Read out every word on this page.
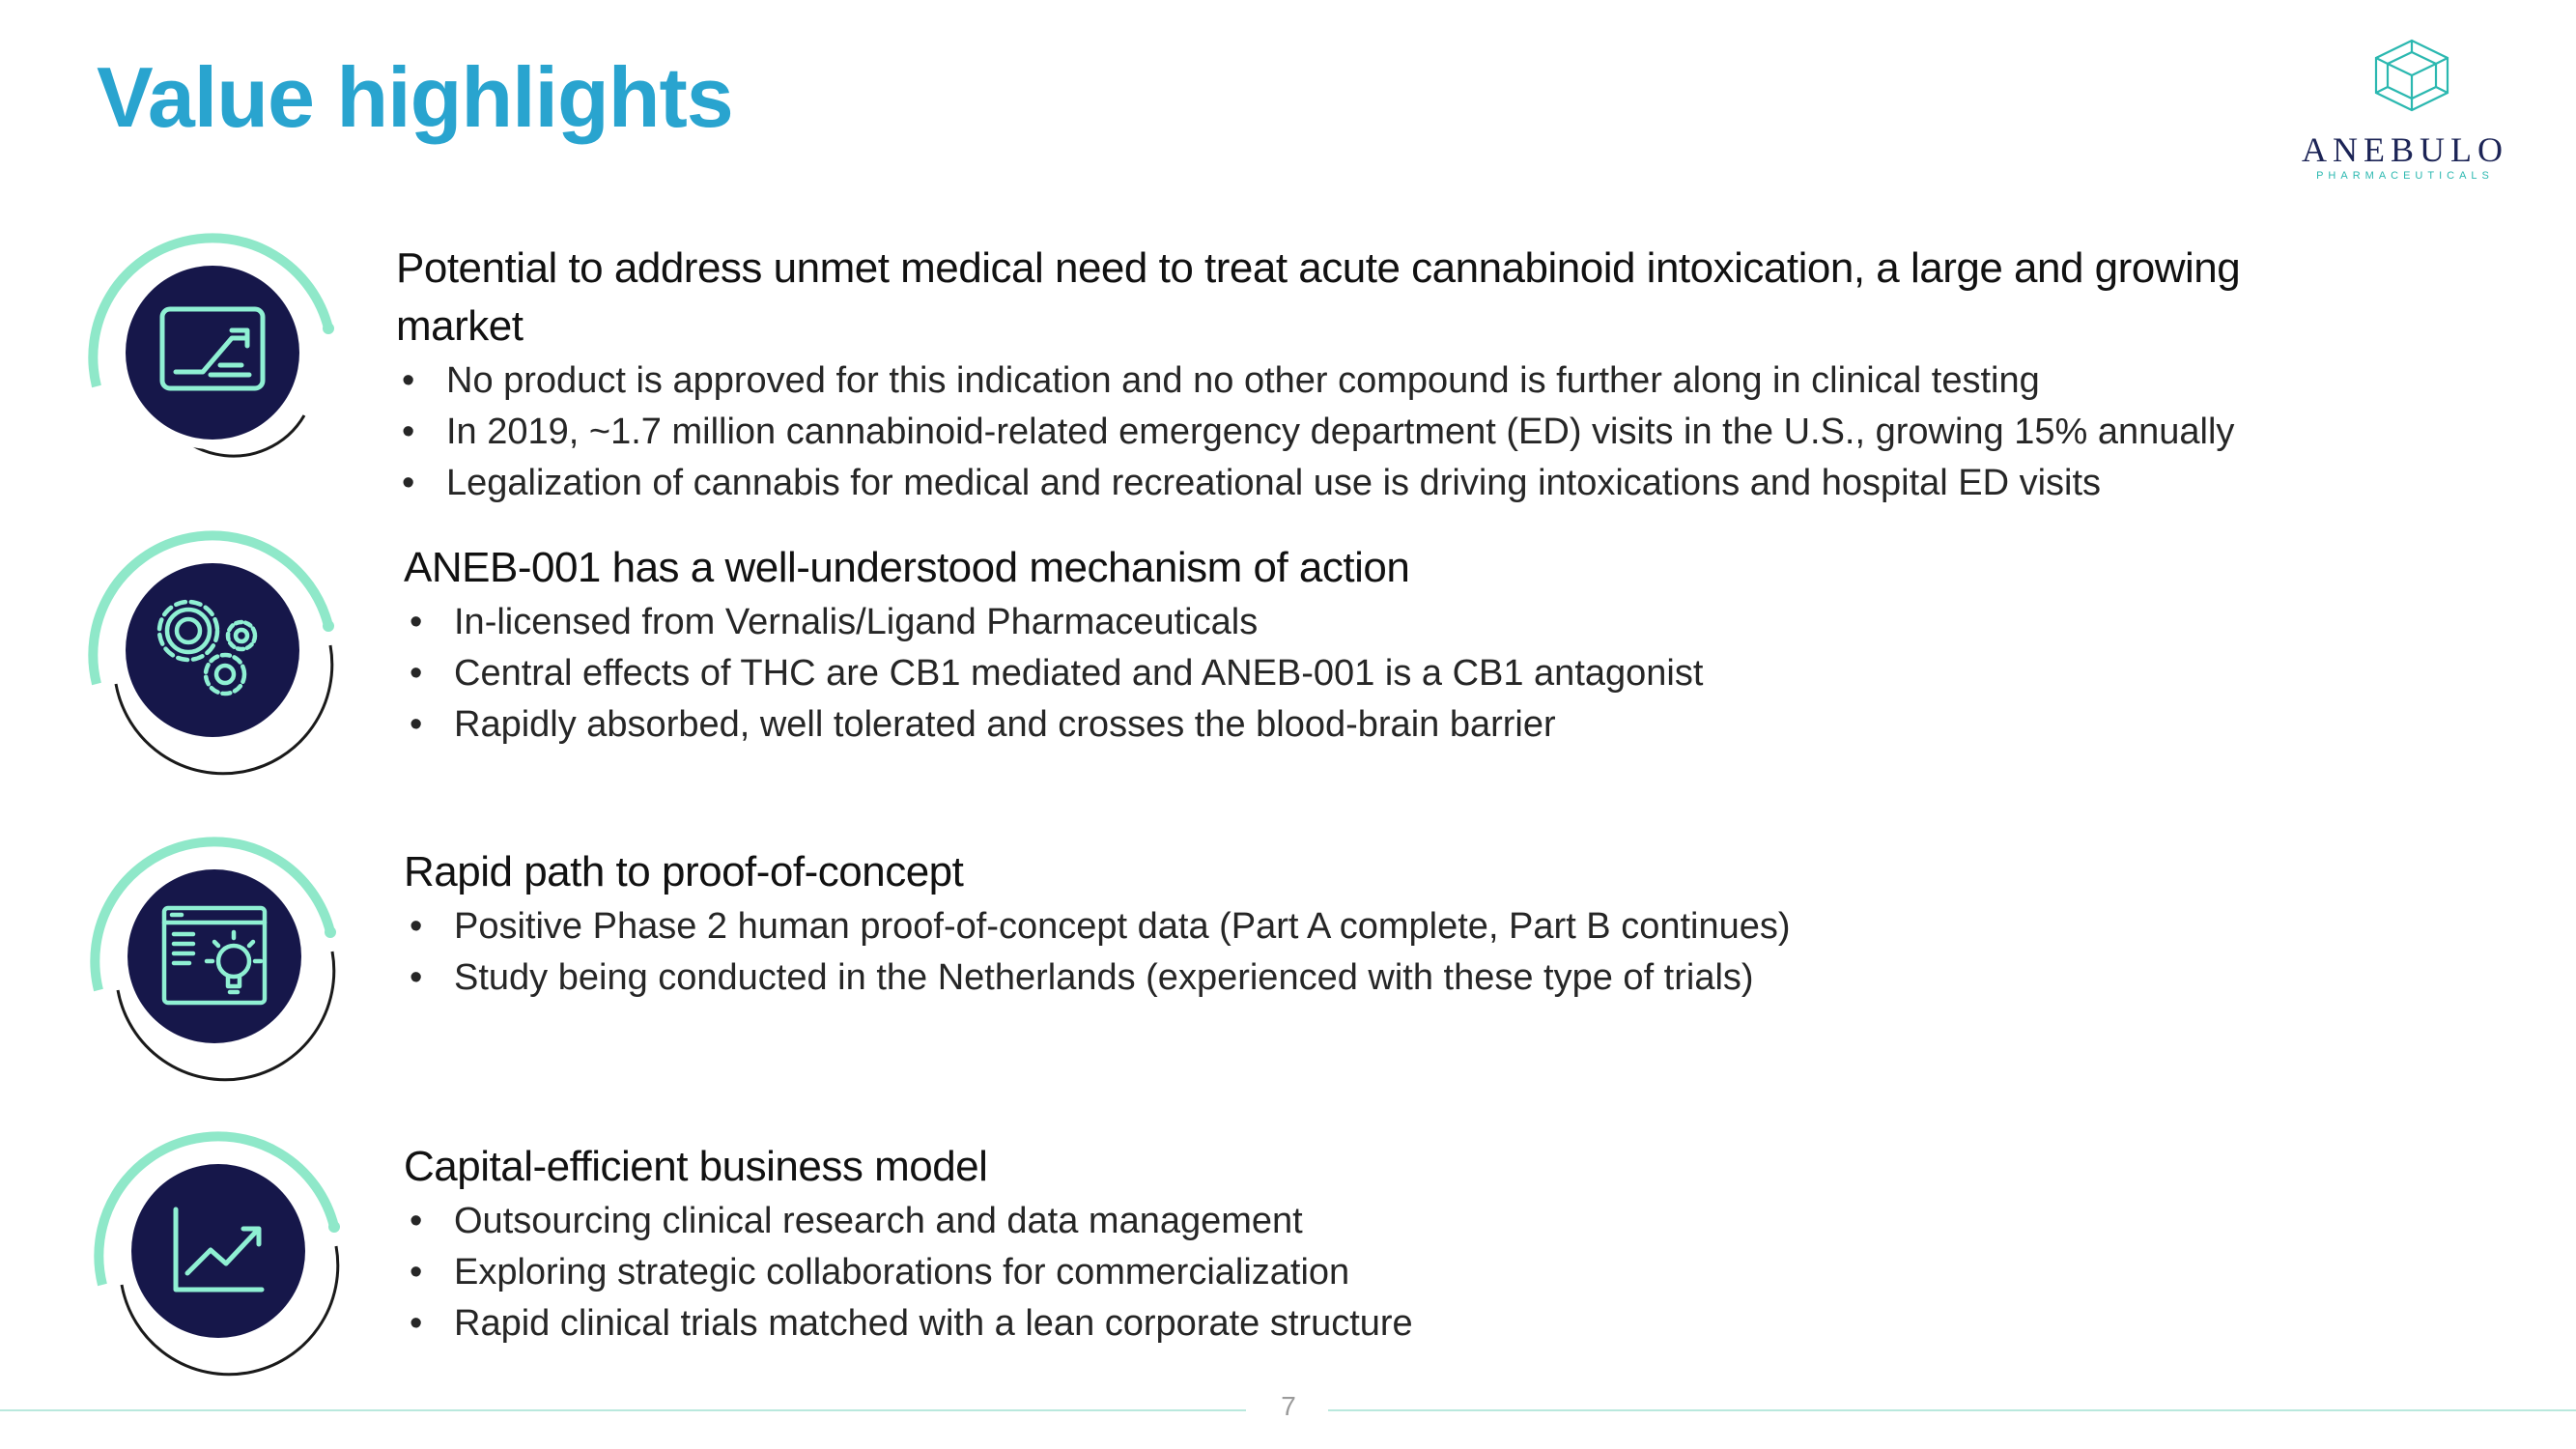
Value highlights
ANEBULO
PHARMACEUTICALS
Potential to address unmet medical need to treat acute cannabinoid intoxication, a large and growing
market
• No product is approved for this indication and no other compound is further along in clinical testing
• In 2019, ~1.7 million cannabinoid-related emergency department (ED) visits in the U.S., growing 15% annually
• Legalization of cannabis for medical and recreational use is driving intoxications and hospital ED visits
ANEB-001 has a well-understood mechanism of action
• In-licensed from Vernalis/Ligand Pharmaceuticals
• Central effects of THC are CB1 mediated and ANEB-001 is a CB1 antagonist
• Rapidly absorbed, well tolerated and crosses the blood-brain barrier
Rapid path to proof-of-concept
• Positive Phase 2 human proof-of-concept data (Part A complete, Part B continues)
• Study being conducted in the Netherlands (experienced with these type of trials)
Capital-efficient business model
• Outsourcing clinical research and data management
• Exploring strategic collaborations for commercialization
• Rapid clinical trials matched with a lean corporate structure
7
